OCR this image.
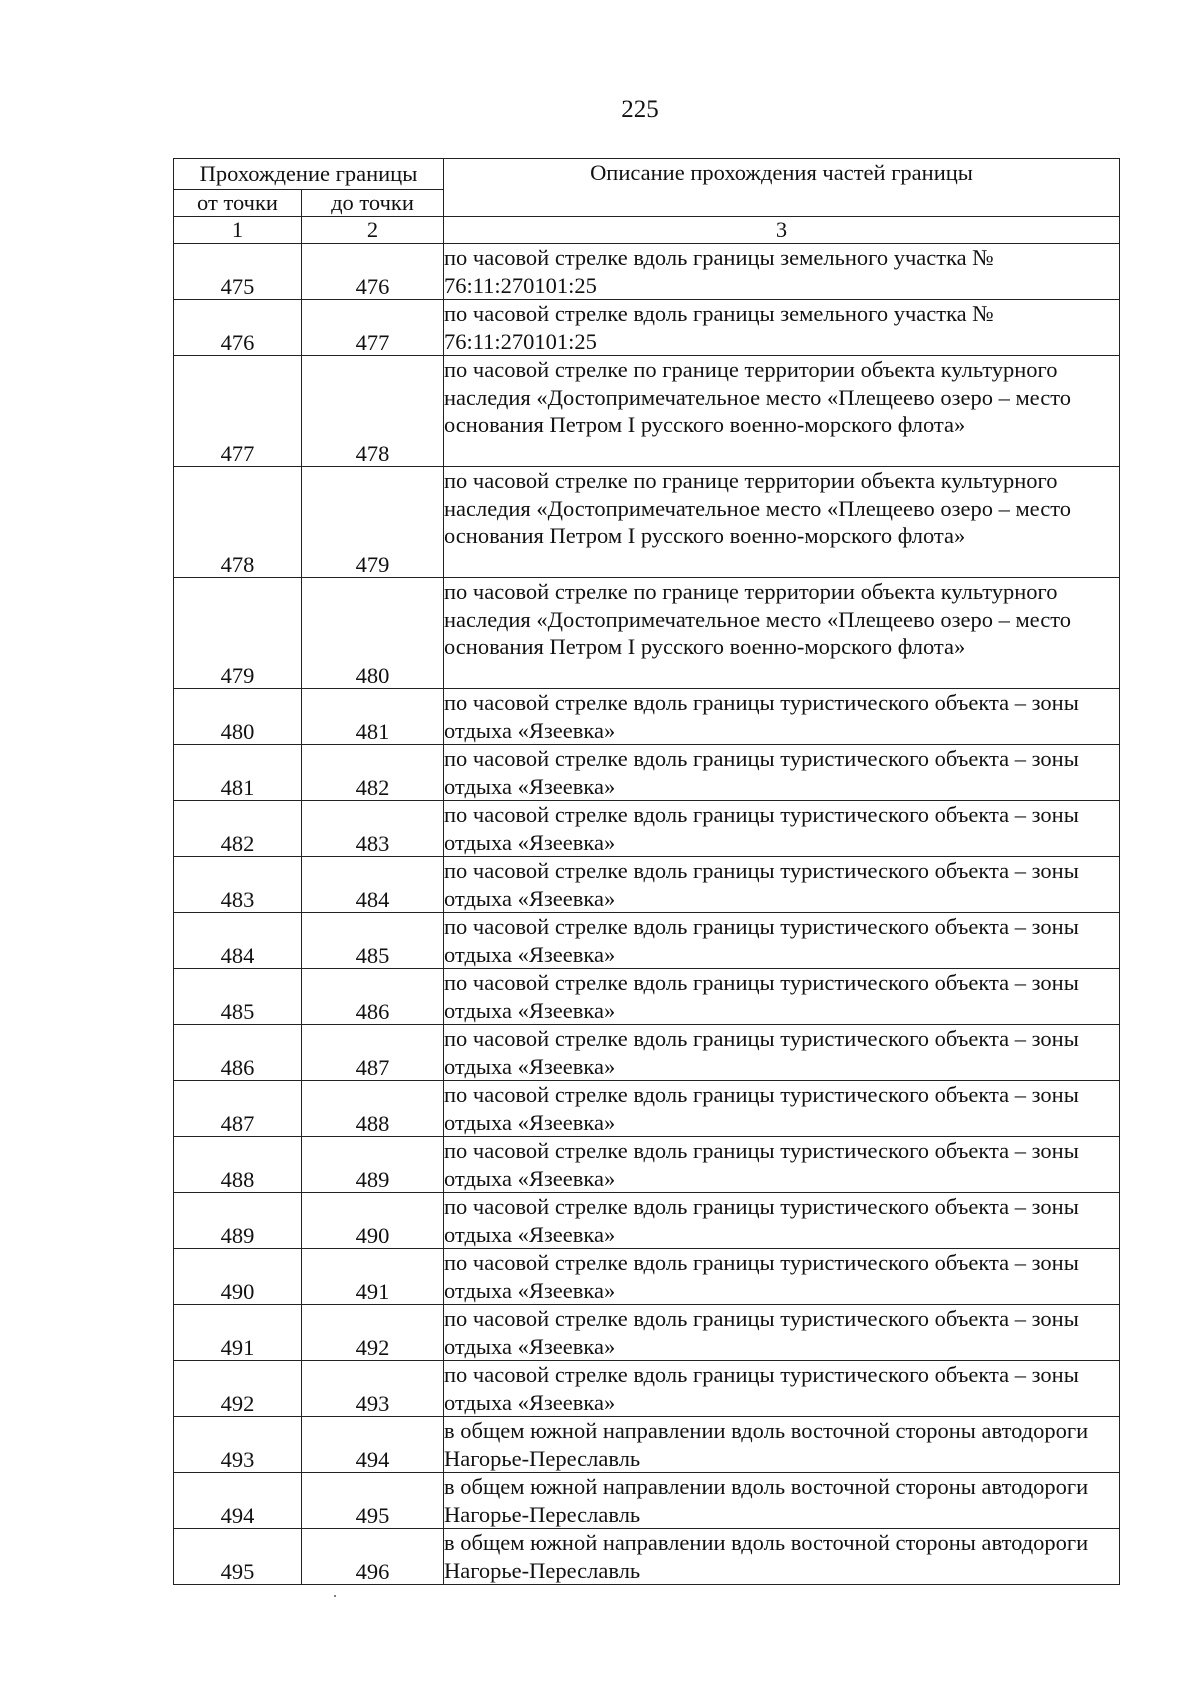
225
Прохождение границы		Описание прохождения частей границы
от точки	до точки	
1	2	3
475	476	по часовой стрелке вдоль границы земельного участка № 76:11:270101:25
476	477	по часовой стрелке вдоль границы земельного участка № 76:11:270101:25
477	478	по часовой стрелке по границе территории объекта культурного наследия «Достопримечательное место «Плещеево озеро – место основания Петром I русского военно-морского флота»
478	479	по часовой стрелке по границе территории объекта культурного наследия «Достопримечательное место «Плещеево озеро – место основания Петром I русского военно-морского флота»
479	480	по часовой стрелке по границе территории объекта культурного наследия «Достопримечательное место «Плещеево озеро – место основания Петром I русского военно-морского флота»
480	481	по часовой стрелке вдоль границы туристического объекта – зоны отдыха «Язеевка»
481	482	по часовой стрелке вдоль границы туристического объекта – зоны отдыха «Язеевка»
482	483	по часовой стрелке вдоль границы туристического объекта – зоны отдыха «Язеевка»
483	484	по часовой стрелке вдоль границы туристического объекта – зоны отдыха «Язеевка»
484	485	по часовой стрелке вдоль границы туристического объекта – зоны отдыха «Язеевка»
485	486	по часовой стрелке вдоль границы туристического объекта – зоны отдыха «Язеевка»
486	487	по часовой стрелке вдоль границы туристического объекта – зоны отдыха «Язеевка»
487	488	по часовой стрелке вдоль границы туристического объекта – зоны отдыха «Язеевка»
488	489	по часовой стрелке вдоль границы туристического объекта – зоны отдыха «Язеевка»
489	490	по часовой стрелке вдоль границы туристического объекта – зоны отдыха «Язеевка»
490	491	по часовой стрелке вдоль границы туристического объекта – зоны отдыха «Язеевка»
491	492	по часовой стрелке вдоль границы туристического объекта – зоны отдыха «Язеевка»
492	493	по часовой стрелке вдоль границы туристического объекта – зоны отдыха «Язеевка»
493	494	в общем южной направлении вдоль восточной стороны автодороги Нагорье-Переславль
494	495	в общем южной направлении вдоль восточной стороны автодороги Нагорье-Переславль
495	496	в общем южной направлении вдоль восточной стороны автодороги Нагорье-Переславль
